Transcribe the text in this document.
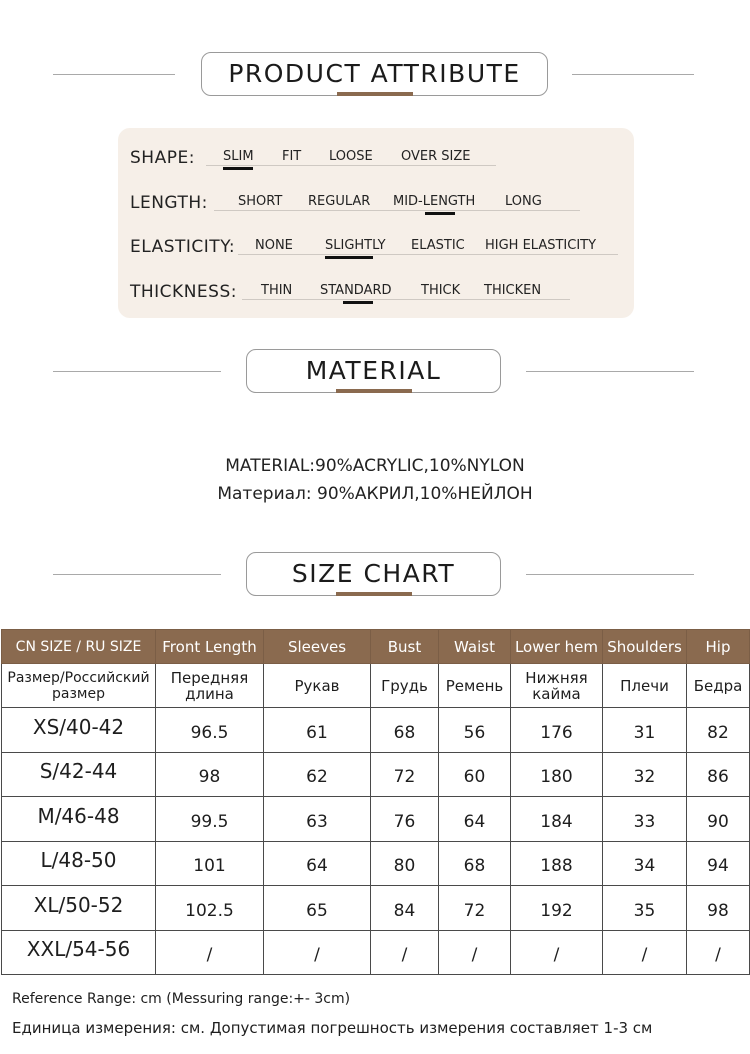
PRODUCT ATTRIBUTE
SHAPE: SLIM FIT LOOSE OVER SIZE
LENGTH: SHORT REGULAR MID-LENGTH LONG
ELASTICITY: NONE SLIGHTLY ELASTIC HIGH ELASTICITY
THICKNESS: THIN STANDARD THICK THICKEN
MATERIAL
MATERIAL:90%ACRYLIC,10%NYLON
Материал: 90%АКРИЛ,10%НЕЙЛОН
SIZE CHART
CN SIZE / RU SIZE	Front Length	Sleeves	Bust	Waist	Lower hem	Shoulders	Hip
Размер/Российский размер	Передняя длина	Рукав	Грудь	Ремень	Нижняя кайма	Плечи	Бедра
XS/40-42	96.5	61	68	56	176	31	82
S/42-44	98	62	72	60	180	32	86
M/46-48	99.5	63	76	64	184	33	90
L/48-50	101	64	80	68	188	34	94
XL/50-52	102.5	65	84	72	192	35	98
XXL/54-56	/	/	/	/	/	/	/
Reference Range: cm (Messuring range:+- 3cm)
Единица измерения: см. Допустимая погрешность измерения составляет 1-3 см
